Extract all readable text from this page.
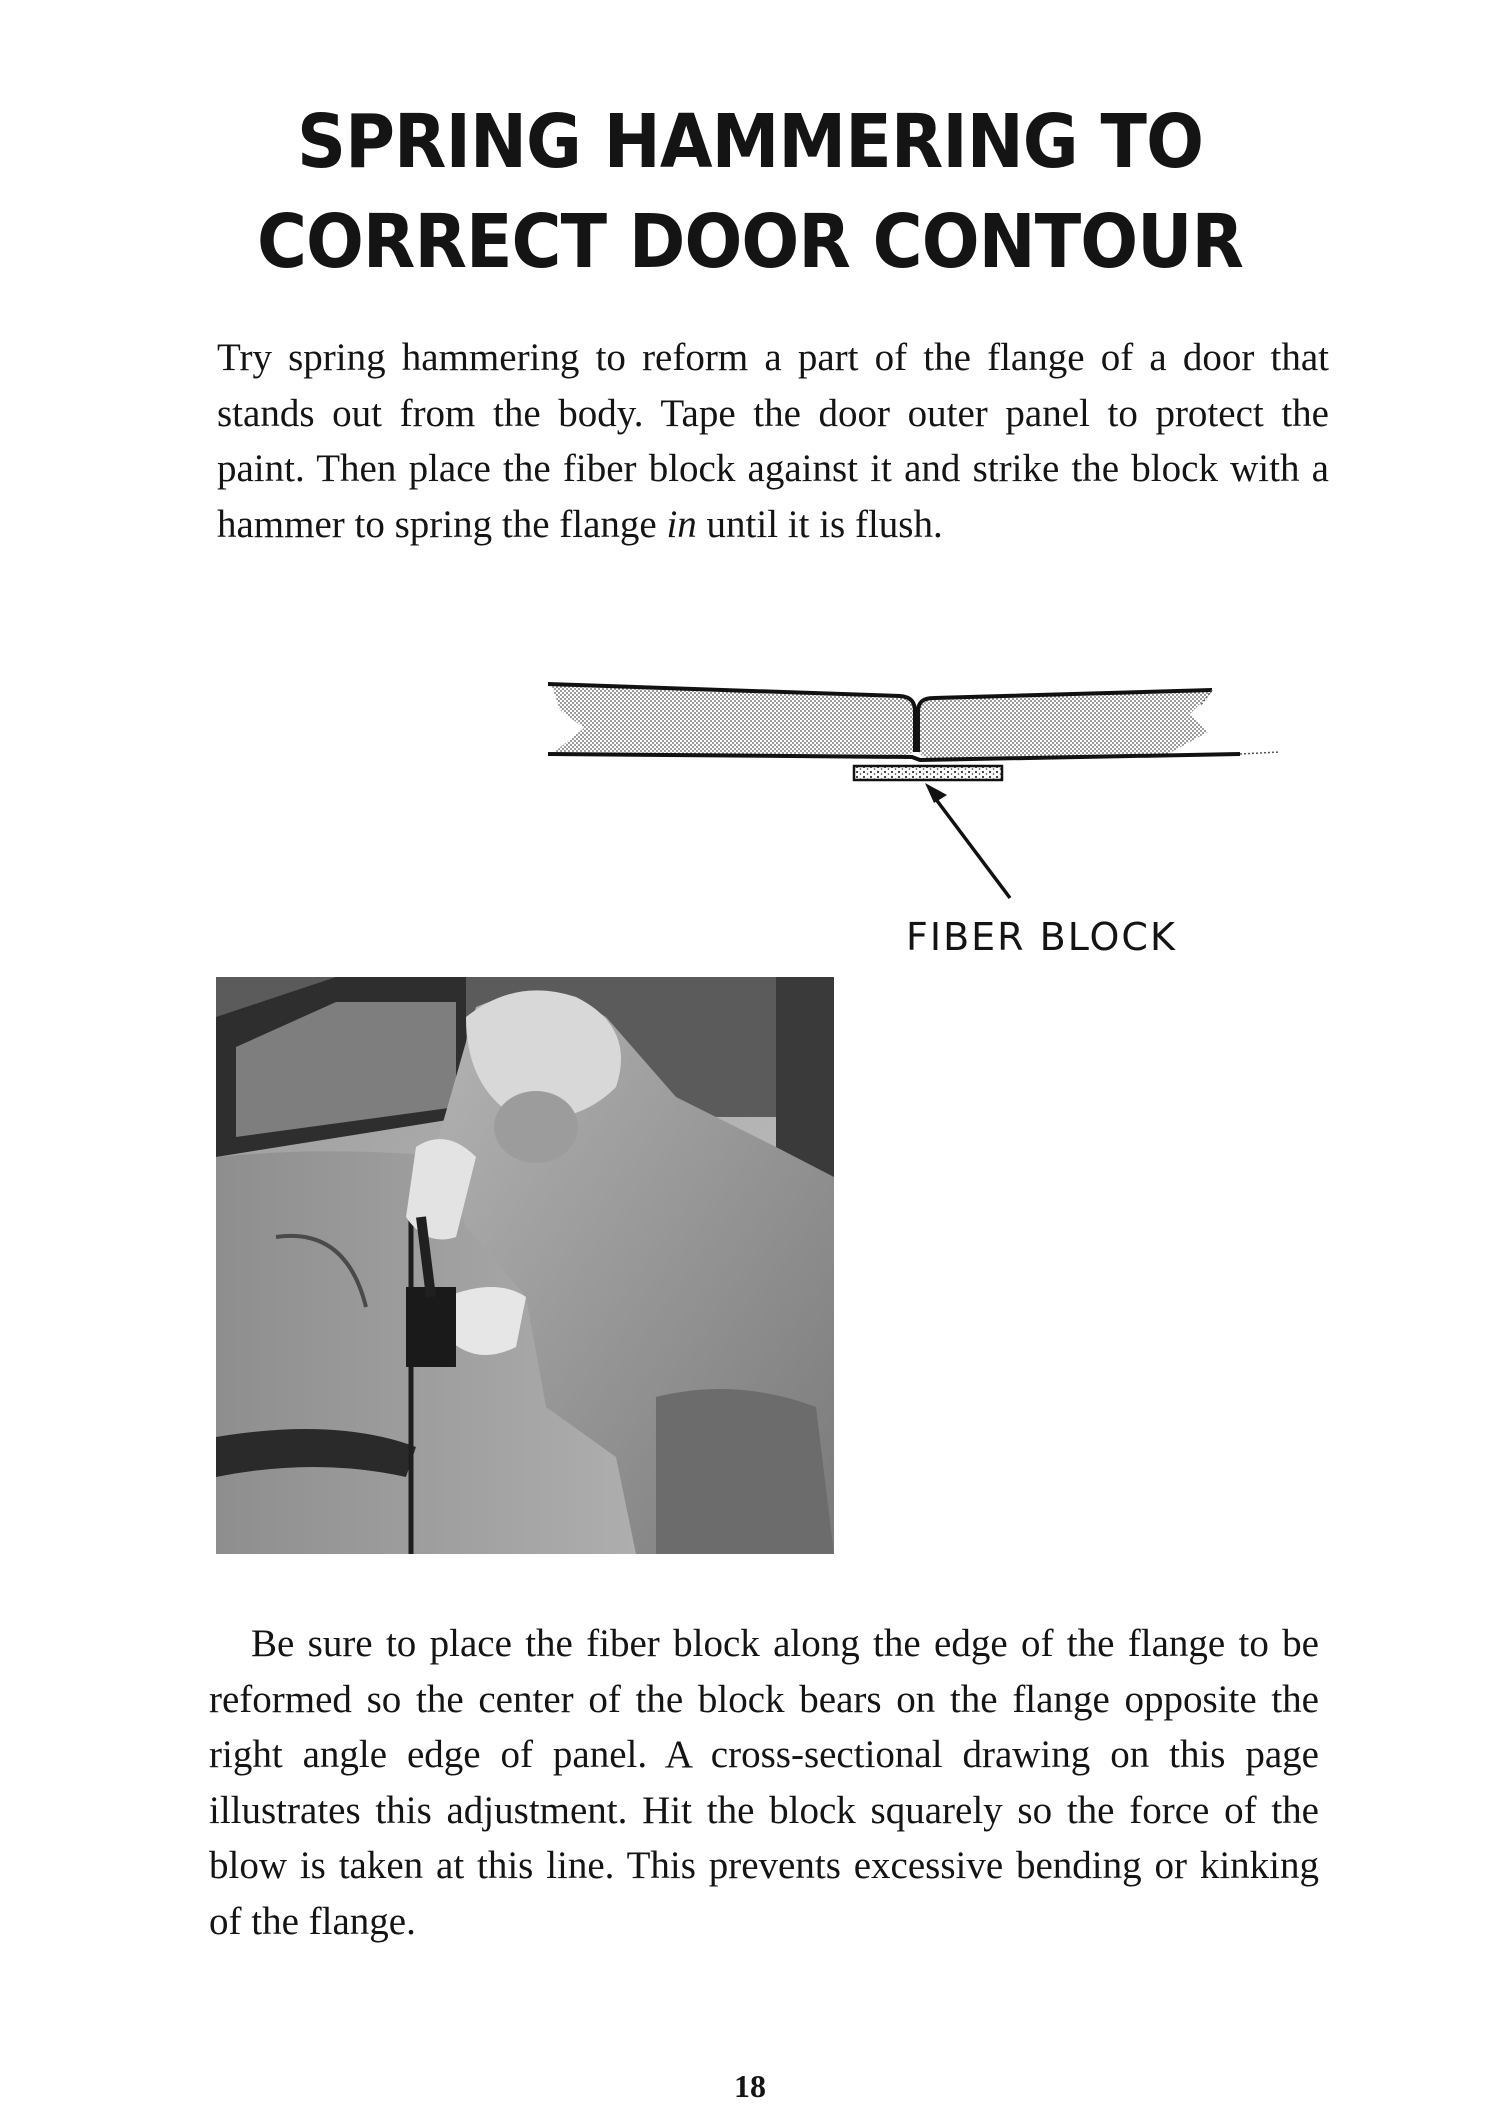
SPRING HAMMERING TO
CORRECT DOOR CONTOUR

Try spring hammering to reform a part of the flange of a door that stands out from the body. Tape the door outer panel to protect the paint. Then place the fiber block against it and strike the block with a hammer to spring the flange in until it is flush.

FIBER BLOCK

Be sure to place the fiber block along the edge of the flange to be reformed so the center of the block bears on the flange opposite the right angle edge of panel. A cross-sectional drawing on this page illustrates this adjustment. Hit the block squarely so the force of the blow is taken at this line. This prevents excessive bending or kinking of the flange.

18
